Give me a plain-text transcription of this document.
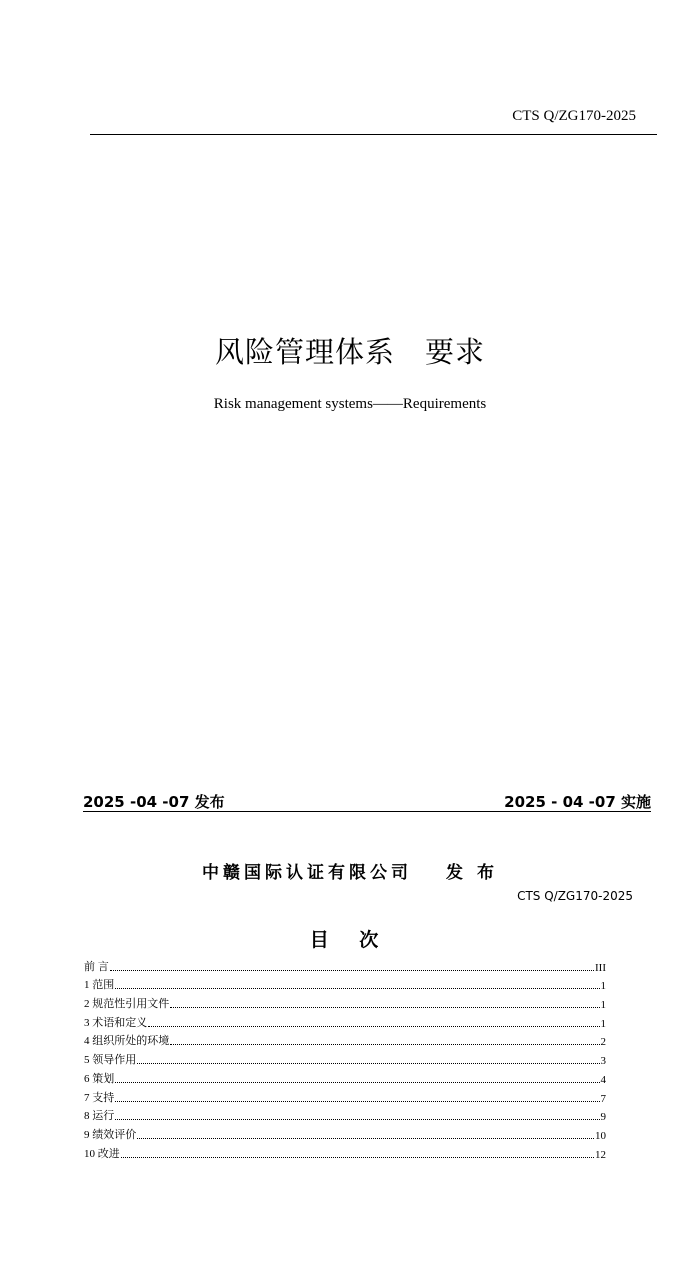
CTS Q/ZG170-2025
风险管理体系　要求
Risk management systems——Requirements
2025 -04 -07 发布	2025 - 04 -07 实施
中赣国际认证有限公司 发 布
CTS Q/ZG170-2025
目 次
前 言	III
1 范围	1
2 规范性引用文件	1
3 术语和定义	1
4 组织所处的环境	2
5 领导作用	3
6 策划	4
7 支持	7
8 运行	9
9 绩效评价	10
10 改进	12
